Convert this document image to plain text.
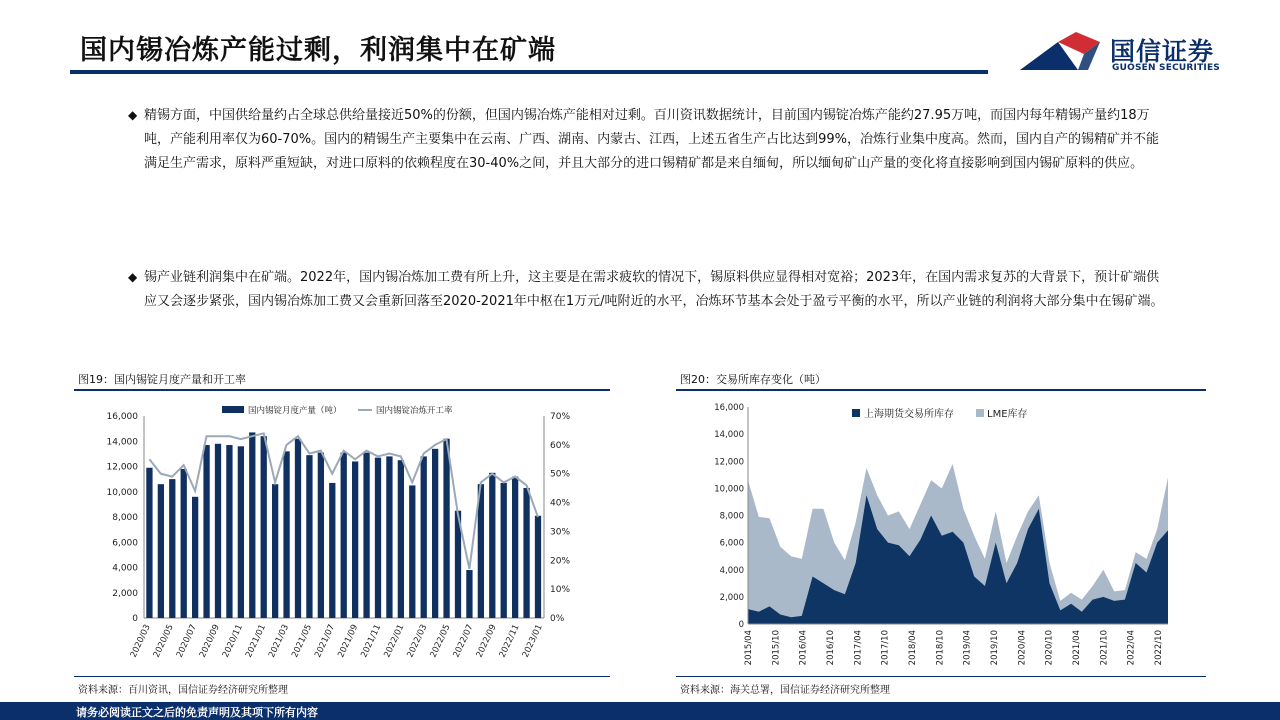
国内锡冶炼产能过剩，利润集中在矿端	国信证券
GUOSEN SECURITIES
◆ 精锡方面，中国供给量约占全球总供给量接近50%的份额，但国内锡冶炼产能相对过剩。百川资讯数据统计，目前国内锡锭冶炼产能约27.95万吨，而国内每年精锡产量约18万吨，产能利用率仅为60-70%。国内的精锡生产主要集中在云南、广西、湖南、内蒙古、江西，上述五省生产占比达到99%，冶炼行业集中度高。然而，国内自产的锡精矿并不能满足生产需求，原料严重短缺，对进口原料的依赖程度在30-40%之间，并且大部分的进口锡精矿都是来自缅甸，所以缅甸矿山产量的变化将直接影响到国内锡矿原料的供应。
◆ 锡产业链利润集中在矿端。2022年，国内锡冶炼加工费有所上升，这主要是在需求疲软的情况下，锡原料供应显得相对宽裕；2023年，在国内需求复苏的大背景下，预计矿端供应又会逐步紧张，国内锡冶炼加工费又会重新回落至2020-2021年中枢在1万元/吨附近的水平，冶炼环节基本会处于盈亏平衡的水平，所以产业链的利润将大部分集中在锡矿端。
图19：国内锡锭月度产量和开工率
0
2,000
4,000
6,000
8,000
10,000
12,000
14,000
16,000
0%
10%
20%
30%
40%
50%
60%
70%
2020/03 2020/05 2020/07 2020/09 2020/11 2021/01 2021/03 2021/05 2021/07 2021/09 2021/11 2022/01 2022/03 2022/05 2022/07 2022/09 2022/11 2023/01
国内锡锭月度产量（吨）	国内锡锭冶炼开工率
资料来源：百川资讯，国信证券经济研究所整理
图20：交易所库存变化（吨）
0
2,000
4,000
6,000
8,000
10,000
12,000
14,000
16,000
2015/04 2015/10 2016/04 2016/10 2017/04 2017/10 2018/04 2018/10 2019/04 2019/10 2020/04 2020/10 2021/04 2021/10 2022/04 2022/10
上海期货交易所库存	LME库存
资料来源：海关总署，国信证券经济研究所整理
请务必阅读正文之后的免责声明及其项下所有内容
